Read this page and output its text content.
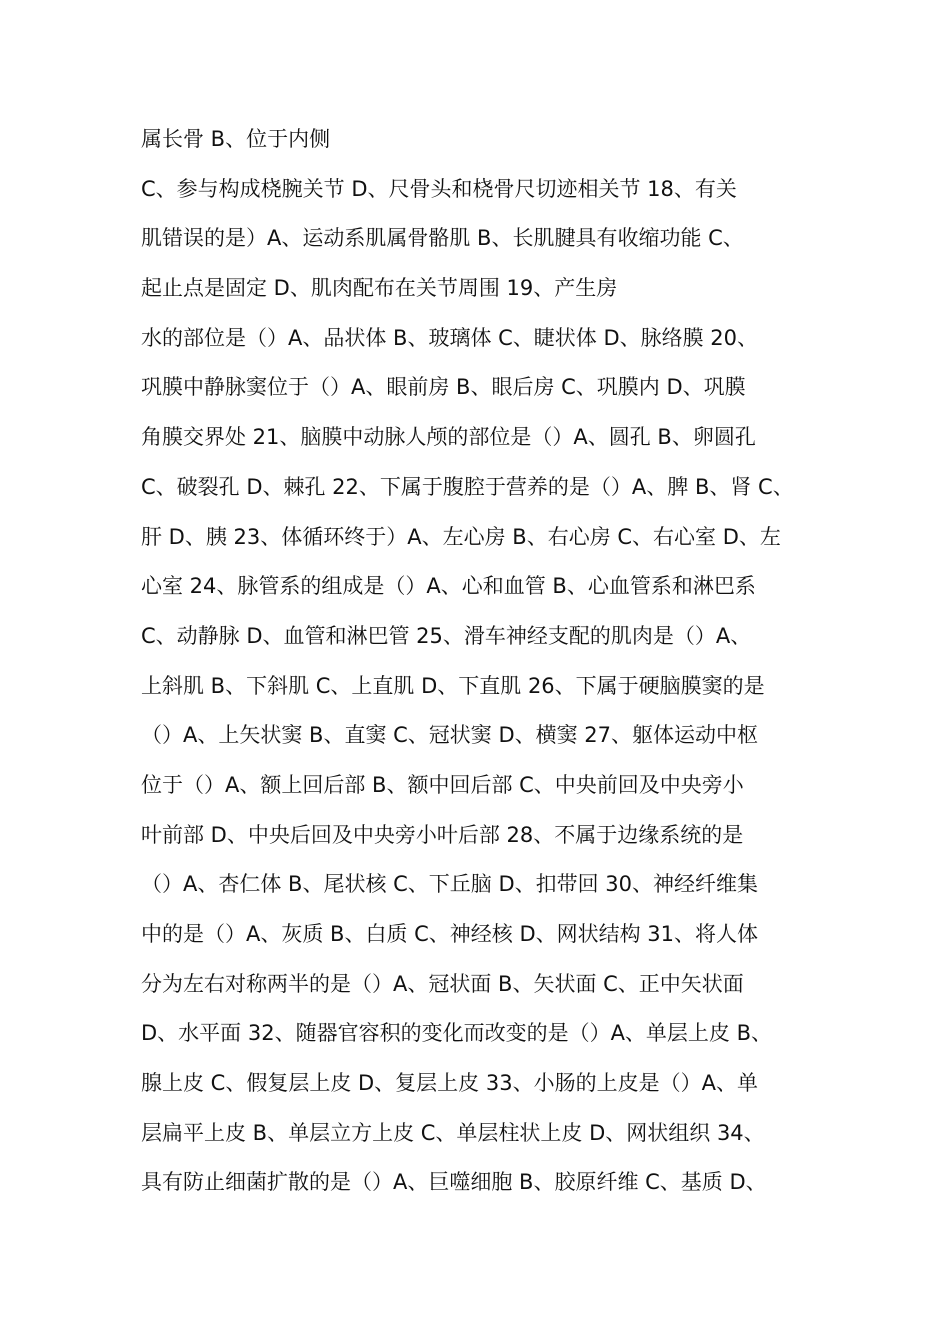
属长骨 B、位于内侧
C、参与构成桡腕关节 D、尺骨头和桡骨尺切迹相关节 18、有关
肌错误的是）A、运动系肌属骨骼肌 B、长肌腱具有收缩功能 C、
起止点是固定 D、肌肉配布在关节周围 19、产生房
水的部位是（）A、品状体 B、玻璃体 C、睫状体 D、脉络膜 20、
巩膜中静脉窦位于（）A、眼前房 B、眼后房 C、巩膜内 D、巩膜
角膜交界处 21、脑膜中动脉人颅的部位是（）A、圆孔 B、卵圆孔
C、破裂孔 D、棘孔 22、下属于腹腔于营养的是（）A、脾 B、肾 C、
肝 D、胰 23、体循环终于）A、左心房 B、右心房 C、右心室 D、左
心室 24、脉管系的组成是（）A、心和血管 B、心血管系和淋巴系
C、动静脉 D、血管和淋巴管 25、滑车神经支配的肌肉是（）A、
上斜肌 B、下斜肌 C、上直肌 D、下直肌 26、下属于硬脑膜窦的是
（）A、上矢状窦 B、直窦 C、冠状窦 D、横窦 27、躯体运动中枢
位于（）A、额上回后部 B、额中回后部 C、中央前回及中央旁小
叶前部 D、中央后回及中央旁小叶后部 28、不属于边缘系统的是
（）A、杏仁体 B、尾状核 C、下丘脑 D、扣带回 30、神经纤维集
中的是（）A、灰质 B、白质 C、神经核 D、网状结构 31、将人体
分为左右对称两半的是（）A、冠状面 B、矢状面 C、正中矢状面
D、水平面 32、随器官容积的变化而改变的是（）A、单层上皮 B、
腺上皮 C、假复层上皮 D、复层上皮 33、小肠的上皮是（）A、单
层扁平上皮 B、单层立方上皮 C、单层柱状上皮 D、网状组织 34、
具有防止细菌扩散的是（）A、巨噬细胞 B、胶原纤维 C、基质 D、
